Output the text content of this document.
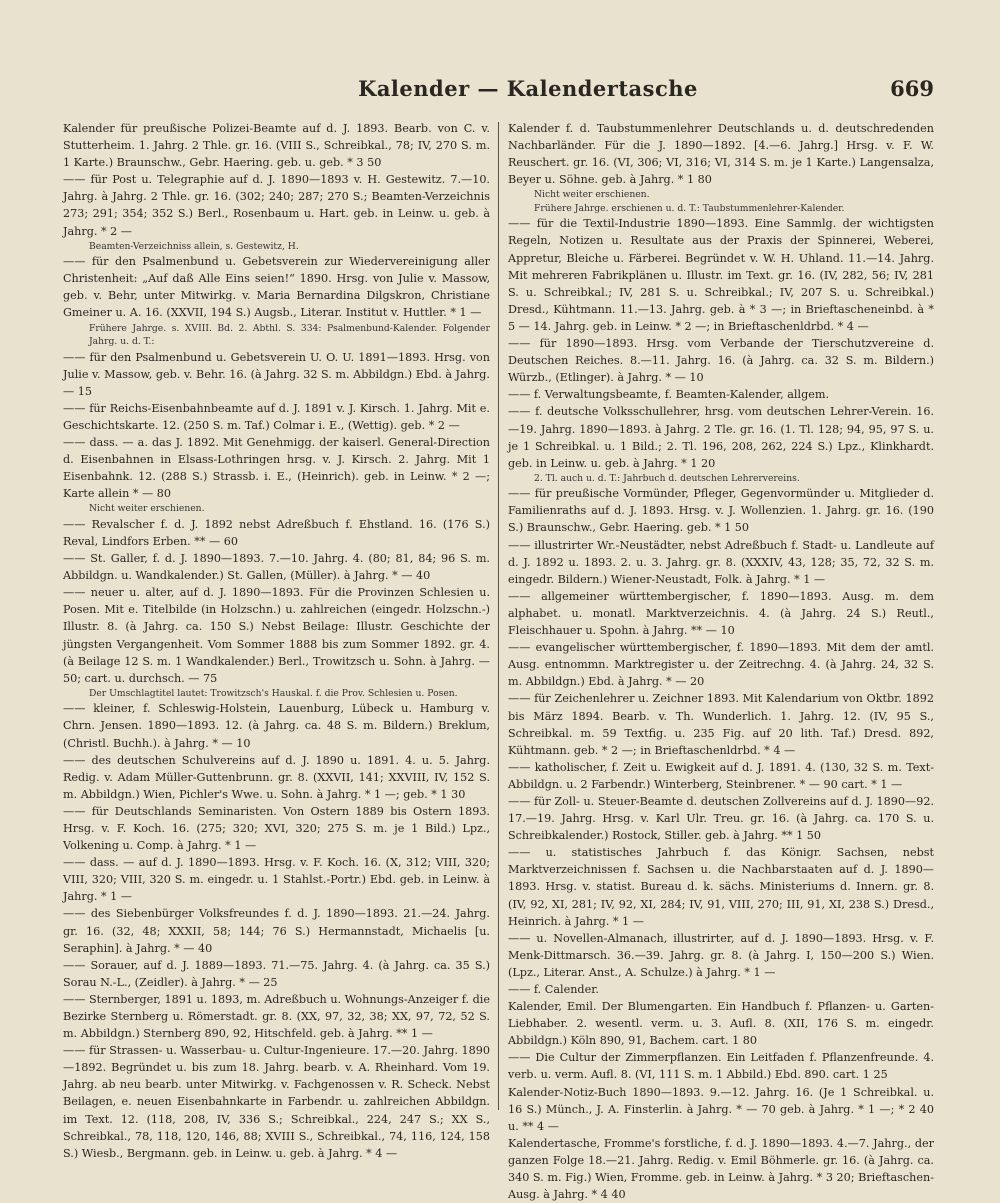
Kalender — Kalendertasche	669

Kalender für preußische Polizei-Beamte auf d. J. 1893. Bearb. von C. v. Stutterheim. 1. Jahrg. 2 Thle. gr. 16. (VIII S., Schreibkal., 78; IV, 270 S. m. 1 Karte.) Braunschw., Gebr. Haering. geb. u. geb. * 3 50

—— für Post u. Telegraphie auf d. J. 1890—1893 v. H. Gestewitz. 7.—10. Jahrg. à Jahrg. 2 Thle. gr. 16. (302; 240; 287; 270 S.; Beamten-Verzeichnis 273; 291; 354; 352 S.) Berl., Rosenbaum u. Hart. geb. in Leinw. u. geb. à Jahrg. * 2 —

Beamten-Verzeichniss allein, s. Gestewitz, H.

—— für den Psalmenbund u. Gebetsverein zur Wiedervereinigung aller Christenheit: „Auf daß Alle Eins seien!“ 1890. Hrsg. von Julie v. Massow, geb. v. Behr, unter Mitwirkg. v. Maria Bernardina Dilgskron, Christiane Gmeiner u. A. 16. (XXVII, 194 S.) Augsb., Literar. Institut v. Huttler. * 1 —

Frühere Jahrge. s. XVIII. Bd. 2. Abthl. S. 334: Psalmenbund-Kalender. Folgender Jahrg. u. d. T.:

—— für den Psalmenbund u. Gebetsverein U. O. U. 1891—1893. Hrsg. von Julie v. Massow, geb. v. Behr. 16. (à Jahrg. 32 S. m. Abbildgn.) Ebd. à Jahrg. — 15

—— für Reichs-Eisenbahnbeamte auf d. J. 1891 v. J. Kirsch. 1. Jahrg. Mit e. Geschichtskarte. 12. (250 S. m. Taf.) Colmar i. E., (Wettig). geb. * 2 —

—— dass. — a. das J. 1892. Mit Genehmigg. der kaiserl. General-Direction d. Eisenbahnen in Elsass-Lothringen hrsg. v. J. Kirsch. 2. Jahrg. Mit 1 Eisenbahnk. 12. (288 S.) Strassb. i. E., (Heinrich). geb. in Leinw. * 2 —; Karte allein * — 80

Nicht weiter erschienen.

—— Revalscher f. d. J. 1892 nebst Adreßbuch f. Ehstland. 16. (176 S.) Reval, Lindfors Erben. ** — 60

—— St. Galler, f. d. J. 1890—1893. 7.—10. Jahrg. 4. (80; 81, 84; 96 S. m. Abbildgn. u. Wandkalender.) St. Gallen, (Müller). à Jahrg. * — 40

—— neuer u. alter, auf d. J. 1890—1893. Für die Provinzen Schlesien u. Posen. Mit e. Titelbilde (in Holzschn.) u. zahlreichen (eingedr. Holzschn.-) Illustr. 8. (à Jahrg. ca. 150 S.) Nebst Beilage: Illustr. Geschichte der jüngsten Vergangenheit. Vom Sommer 1888 bis zum Sommer 1892. gr. 4. (à Beilage 12 S. m. 1 Wandkalender.) Berl., Trowitzsch u. Sohn. à Jahrg. — 50; cart. u. durchsch. — 75

Der Umschlagtitel lautet: Trowitzsch's Hauskal. f. die Prov. Schlesien u. Posen.

—— kleiner, f. Schleswig-Holstein, Lauenburg, Lübeck u. Hamburg v. Chrn. Jensen. 1890—1893. 12. (à Jahrg. ca. 48 S. m. Bildern.) Breklum, (Christl. Buchh.). à Jahrg. * — 10

—— des deutschen Schulvereins auf d. J. 1890 u. 1891. 4. u. 5. Jahrg. Redig. v. Adam Müller-Guttenbrunn. gr. 8. (XXVII, 141; XXVIII, IV, 152 S. m. Abbildgn.) Wien, Pichler's Wwe. u. Sohn. à Jahrg. * 1 —; geb. * 1 30

—— für Deutschlands Seminaristen. Von Ostern 1889 bis Ostern 1893. Hrsg. v. F. Koch. 16. (275; 320; XVI, 320; 275 S. m. je 1 Bild.) Lpz., Volkening u. Comp. à Jahrg. * 1 —

—— dass. — auf d. J. 1890—1893. Hrsg. v. F. Koch. 16. (X, 312; VIII, 320; VIII, 320; VIII, 320 S. m. eingedr. u. 1 Stahlst.-Portr.) Ebd. geb. in Leinw. à Jahrg. * 1 —

—— des Siebenbürger Volksfreundes f. d. J. 1890—1893. 21.—24. Jahrg. gr. 16. (32, 48; XXXII, 58; 144; 76 S.) Hermannstadt, Michaelis [u. Seraphin]. à Jahrg. * — 40

—— Sorauer, auf d. J. 1889—1893. 71.—75. Jahrg. 4. (à Jahrg. ca. 35 S.) Sorau N.-L., (Zeidler). à Jahrg. * — 25

—— Sternberger, 1891 u. 1893, m. Adreßbuch u. Wohnungs-Anzeiger f. die Bezirke Sternberg u. Römerstadt. gr. 8. (XX, 97, 32, 38; XX, 97, 72, 52 S. m. Abbildgn.) Sternberg 890, 92, Hitschfeld. geb. à Jahrg. ** 1 —

—— für Strassen- u. Wasserbau- u. Cultur-Ingenieure. 17.—20. Jahrg. 1890—1892. Begründet u. bis zum 18. Jahrg. bearb. v. A. Rheinhard. Vom 19. Jahrg. ab neu bearb. unter Mitwirkg. v. Fachgenossen v. R. Scheck. Nebst Beilagen, e. neuen Eisenbahnkarte in Farbendr. u. zahlreichen Abbildgn. im Text. 12. (118, 208, IV, 336 S.; Schreibkal., 224, 247 S.; XX S., Schreibkal., 78, 118, 120, 146, 88; XVIII S., Schreibkal., 74, 116, 124, 158 S.) Wiesb., Bergmann. geb. in Leinw. u. geb. à Jahrg. * 4 —

Kalender f. d. Taubstummenlehrer Deutschlands u. d. deutschredenden Nachbarländer. Für die J. 1890—1892. [4.—6. Jahrg.] Hrsg. v. F. W. Reuschert. gr. 16. (VI, 306; VI, 316; VI, 314 S. m. je 1 Karte.) Langensalza, Beyer u. Söhne. geb. à Jahrg. * 1 80

Nicht weiter erschienen.

Frühere Jahrge. erschienen u. d. T.: Taubstummenlehrer-Kalender.

—— für die Textil-Industrie 1890—1893. Eine Sammlg. der wichtigsten Regeln, Notizen u. Resultate aus der Praxis der Spinnerei, Weberei, Appretur, Bleiche u. Färberei. Begründet v. W. H. Uhland. 11.—14. Jahrg. Mit mehreren Fabrikplänen u. Illustr. im Text. gr. 16. (IV, 282, 56; IV, 281 S. u. Schreibkal.; IV, 281 S. u. Schreibkal.; IV, 207 S. u. Schreibkal.) Dresd., Kühtmann. 11.—13. Jahrg. geb. à * 3 —; in Brieftascheneinbd. à * 5 — 14. Jahrg. geb. in Leinw. * 2 —; in Brieftaschenldrbd. * 4 —

—— für 1890—1893. Hrsg. vom Verbande der Tierschutzvereine d. Deutschen Reiches. 8.—11. Jahrg. 16. (à Jahrg. ca. 32 S. m. Bildern.) Würzb., (Etlinger). à Jahrg. * — 10

—— f. Verwaltungsbeamte, f. Beamten-Kalender, allgem.

—— f. deutsche Volksschullehrer, hrsg. vom deutschen Lehrer-Verein. 16.—19. Jahrg. 1890—1893. à Jahrg. 2 Tle. gr. 16. (1. Tl. 128; 94, 95, 97 S. u. je 1 Schreibkal. u. 1 Bild.; 2. Tl. 196, 208, 262, 224 S.) Lpz., Klinkhardt. geb. in Leinw. u. geb. à Jahrg. * 1 20

2. Tl. auch u. d. T.: Jahrbuch d. deutschen Lehrervereins.

—— für preußische Vormünder, Pfleger, Gegenvormünder u. Mitglieder d. Familienraths auf d. J. 1893. Hrsg. v. J. Wollenzien. 1. Jahrg. gr. 16. (190 S.) Braunschw., Gebr. Haering. geb. * 1 50

—— illustrirter Wr.-Neustädter, nebst Adreßbuch f. Stadt- u. Landleute auf d. J. 1892 u. 1893. 2. u. 3. Jahrg. gr. 8. (XXXIV, 43, 128; 35, 72, 32 S. m. eingedr. Bildern.) Wiener-Neustadt, Folk. à Jahrg. * 1 —

—— allgemeiner württembergischer, f. 1890—1893. Ausg. m. dem alphabet. u. monatl. Marktverzeichnis. 4. (à Jahrg. 24 S.) Reutl., Fleischhauer u. Spohn. à Jahrg. ** — 10

—— evangelischer württembergischer, f. 1890—1893. Mit dem der amtl. Ausg. entnommn. Marktregister u. der Zeitrechng. 4. (à Jahrg. 24, 32 S. m. Abbildgn.) Ebd. à Jahrg. * — 20

—— für Zeichenlehrer u. Zeichner 1893. Mit Kalendarium von Oktbr. 1892 bis März 1894. Bearb. v. Th. Wunderlich. 1. Jahrg. 12. (IV, 95 S., Schreibkal. m. 59 Textfig. u. 235 Fig. auf 20 lith. Taf.) Dresd. 892, Kühtmann. geb. * 2 —; in Brieftaschenldrbd. * 4 —

—— katholischer, f. Zeit u. Ewigkeit auf d. J. 1891. 4. (130, 32 S. m. Text-Abbildgn. u. 2 Farbendr.) Winterberg, Steinbrener. * — 90 cart. * 1 —

—— für Zoll- u. Steuer-Beamte d. deutschen Zollvereins auf d. J. 1890—92. 17.—19. Jahrg. Hrsg. v. Karl Ulr. Treu. gr. 16. (à Jahrg. ca. 170 S. u. Schreibkalender.) Rostock, Stiller. geb. à Jahrg. ** 1 50

—— u. statistisches Jahrbuch f. das Königr. Sachsen, nebst Marktverzeichnissen f. Sachsen u. die Nachbarstaaten auf d. J. 1890—1893. Hrsg. v. statist. Bureau d. k. sächs. Ministeriums d. Innern. gr. 8. (IV, 92, XI, 281; IV, 92, XI, 284; IV, 91, VIII, 270; III, 91, XI, 238 S.) Dresd., Heinrich. à Jahrg. * 1 —

—— u. Novellen-Almanach, illustrirter, auf d. J. 1890—1893. Hrsg. v. F. Menk-Dittmarsch. 36.—39. Jahrg. gr. 8. (à Jahrg. I, 150—200 S.) Wien. (Lpz., Literar. Anst., A. Schulze.) à Jahrg. * 1 —

—— f. Calender.

Kalender, Emil. Der Blumengarten. Ein Handbuch f. Pflanzen- u. Garten-Liebhaber. 2. wesentl. verm. u. 3. Aufl. 8. (XII, 176 S. m. eingedr. Abbildgn.) Köln 890, 91, Bachem. cart. 1 80

—— Die Cultur der Zimmerpflanzen. Ein Leitfaden f. Pflanzenfreunde. 4. verb. u. verm. Aufl. 8. (VI, 111 S. m. 1 Abbild.) Ebd. 890. cart. 1 25

Kalender-Notiz-Buch 1890—1893. 9.—12. Jahrg. 16. (Je 1 Schreibkal. u. 16 S.) Münch., J. A. Finsterlin. à Jahrg. * — 70 geb. à Jahrg. * 1 —; * 2 40 u. ** 4 —

Kalendertasche, Fromme's forstliche, f. d. J. 1890—1893. 4.—7. Jahrg., der ganzen Folge 18.—21. Jahrg. Redig. v. Emil Böhmerle. gr. 16. (à Jahrg. ca. 340 S. m. Fig.) Wien, Fromme. geb. in Leinw. à Jahrg. * 3 20; Brieftaschen-Ausg. à Jahrg. * 4 40
